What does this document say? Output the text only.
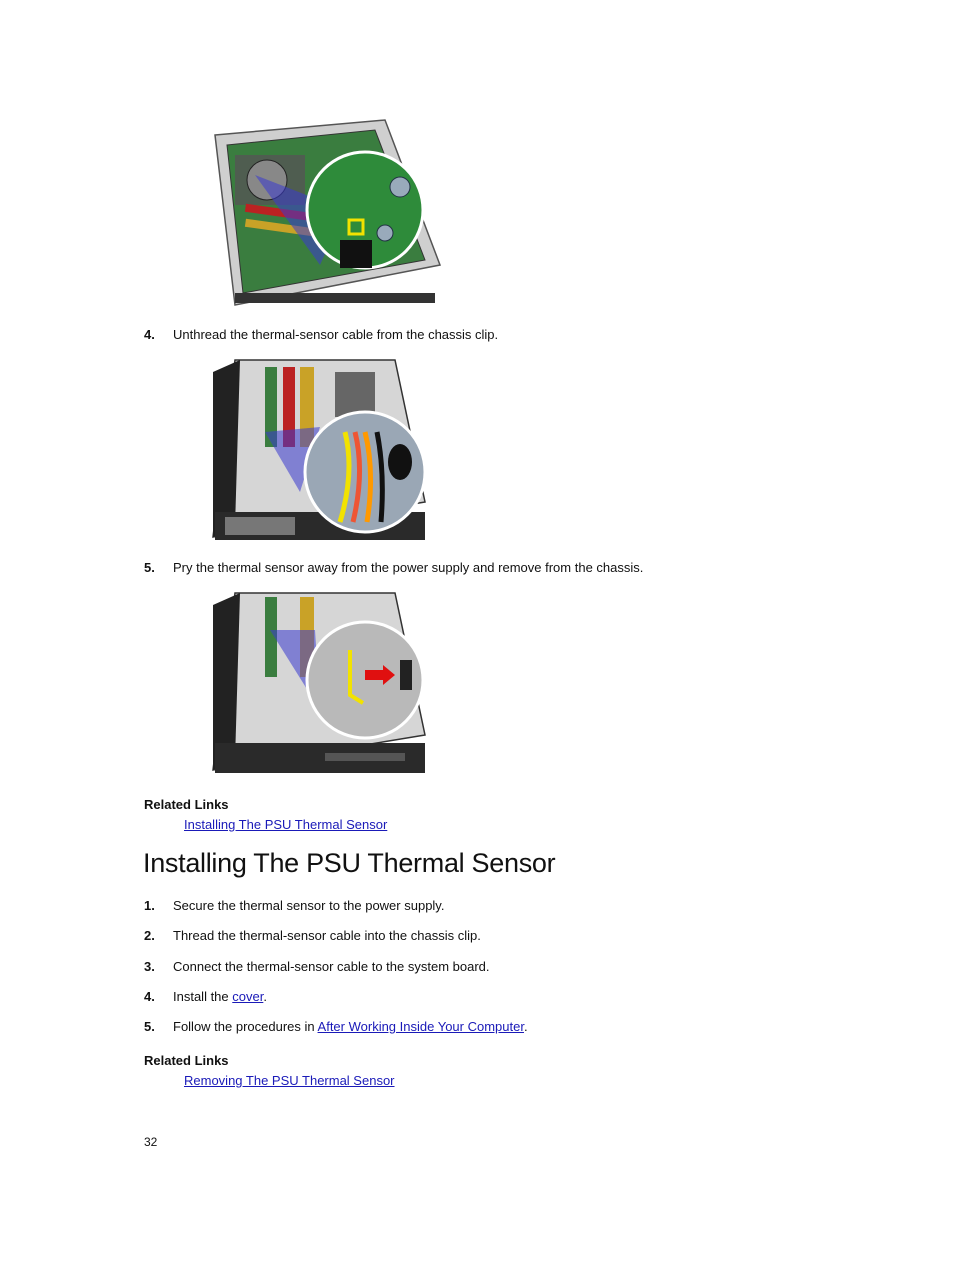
4. Unthread the thermal-sensor cable from the chassis clip.
5. Pry the thermal sensor away from the power supply and remove from the chassis.
Related Links
Installing The PSU Thermal Sensor
Installing The PSU Thermal Sensor
1. Secure the thermal sensor to the power supply.
2. Thread the thermal-sensor cable into the chassis clip.
3. Connect the thermal-sensor cable to the system board.
4. Install the cover.
5. Follow the procedures in After Working Inside Your Computer.
Related Links
Removing The PSU Thermal Sensor
32
